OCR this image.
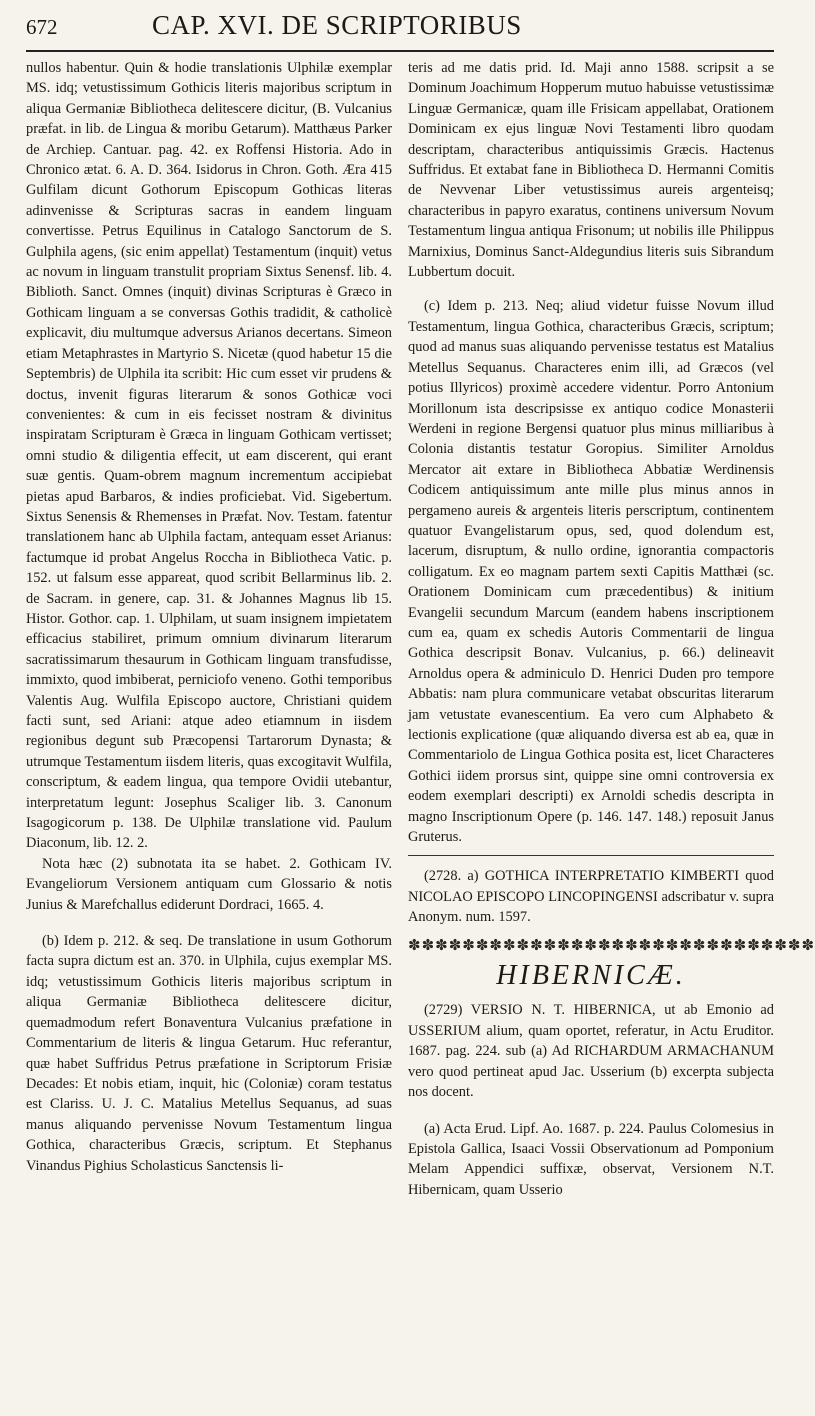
672	CAP. XVI. DE SCRIPTORIBUS

nullos habentur. Quin & hodie translationis Ulphilæ exemplar MS. idq; vetustissimum Gothicis literis majoribus scriptum in aliqua Germaniæ Bibliotheca delitescere dicitur, (B. Vulcanius præfat. in lib. de Lingua & moribu Getarum). Matthæus Parker de Archiep. Cantuar. pag. 42. ex Roffensi Historia. Ado in Chronico ætat. 6. A. D. 364. Isidorus in Chron. Goth. Æra 415 Gulfilam dicunt Gothorum Episcopum Gothicas literas adinvenisse & Scripturas sacras in eandem linguam convertisse. Petrus Equilinus in Catalogo Sanctorum de S. Gulphila agens, (sic enim appellat) Testamentum (inquit) vetus ac novum in linguam transtulit propriam Sixtus Senensf. lib. 4. Biblioth. Sanct. Omnes (inquit) divinas Scripturas è Græco in Gothicam linguam a se conversas Gothis tradidit, & catholicè explicavit, diu multumque adversus Arianos decertans. Simeon etiam Metaphrastes in Martyrio S. Nicetæ (quod habetur 15 die Septembris) de Ulphila ita scribit: Hic cum esset vir prudens & doctus, invenit figuras literarum & sonos Gothicæ voci convenientes: & cum in eis fecisset nostram & divinitus inspiratam Scripturam è Græca in linguam Gothicam vertisset; omni studio & diligentia effecit, ut eam discerent, qui erant suæ gentis. Quam-obrem magnum incrementum accipiebat pietas apud Barbaros, & indies proficiebat. Vid. Sigebertum. Sixtus Senensis & Rhemenses in Præfat. Nov. Testam. fatentur translationem hanc ab Ulphila factam, antequam esset Arianus: factumque id probat Angelus Roccha in Bibliotheca Vatic. p. 152. ut falsum esse appareat, quod scribit Bellarminus lib. 2. de Sacram. in genere, cap. 31. & Johannes Magnus lib 15. Histor. Gothor. cap. 1. Ulphilam, ut suam insignem impietatem efficacius stabiliret, primum omnium divinarum literarum sacratissimarum thesaurum in Gothicam linguam transfudisse, immixto, quod imbiberat, perniciofo veneno. Gothi temporibus Valentis Aug. Wulfila Episcopo auctore, Christiani quidem facti sunt, sed Ariani: atque adeo etiamnum in iisdem regionibus degunt sub Præcopensi Tartarorum Dynasta; & utrumque Testamentum iisdem literis, quas excogitavit Wulfila, conscriptum, & eadem lingua, qua tempore Ovidii utebantur, interpretatum legunt: Josephus Scaliger lib. 3. Canonum Isagogicorum p. 138. De Ulphilæ translatione vid. Paulum Diaconum, lib. 12. 2.

Nota hæc (2) subnotata ita se habet. 2. Gothicam IV. Evangeliorum Versionem antiquam cum Glossario & notis Junius & Marefchallus ediderunt Dordraci, 1665. 4.

(b) Idem p. 212. & seq. De translatione in usum Gothorum facta supra dictum est an. 370. in Ulphila, cujus exemplar MS. idq; vetustissimum Gothicis literis majoribus scriptum in aliqua Germaniæ Bibliotheca delitescere dicitur, quemadmodum refert Bonaventura Vulcanius præfatione in Commentarium de literis & lingua Getarum. Huc referantur, quæ habet Suffridus Petrus præfatione in Scriptorum Frisiæ Decades: Et nobis etiam, inquit, hic (Coloniæ) coram testatus est Clariss. U. J. C. Matalius Metellus Sequanus, ad suas manus aliquando pervenisse Novum Testamentum lingua Gothica, characteribus Græcis, scriptum. Et Stephanus Vinandus Pighius Scholasticus Sanctensis li-

teris ad me datis prid. Id. Maji anno 1588. scripsit a se Dominum Joachimum Hopperum mutuo habuisse vetustissimæ Linguæ Germanicæ, quam ille Frisicam appellabat, Orationem Dominicam ex ejus linguæ Novi Testamenti libro quodam descriptam, characteribus antiquissimis Græcis. Hactenus Suffridus. Et extabat fane in Bibliotheca D. Hermanni Comitis de Nevvenar Liber vetustissimus aureis argenteisq; characteribus in papyro exaratus, continens universum Novum Testamentum lingua antiqua Frisonum; ut nobilis ille Philippus Marnixius, Dominus Sanct-Aldegundius literis suis Sibrandum Lubbertum docuit.

(c) Idem p. 213. Neq; aliud videtur fuisse Novum illud Testamentum, lingua Gothica, characteribus Græcis, scriptum; quod ad manus suas aliquando pervenisse testatus est Matalius Metellus Sequanus. Characteres enim illi, ad Græcos (vel potius Illyricos) proximè accedere videntur. Porro Antonium Morillonum ista descripsisse ex antiquo codice Monasterii Werdeni in regione Bergensi quatuor plus minus milliaribus à Colonia distantis testatur Goropius. Similiter Arnoldus Mercator ait extare in Bibliotheca Abbatiæ Werdinensis Codicem antiquissimum ante mille plus minus annos in pergameno aureis & argenteis literis perscriptum, continentem quatuor Evangelistarum opus, sed, quod dolendum est, lacerum, disruptum, & nullo ordine, ignorantia compactoris colligatum. Ex eo magnam partem sexti Capitis Matthæi (sc. Orationem Dominicam cum præcedentibus) & initium Evangelii secundum Marcum (eandem habens inscriptionem cum ea, quam ex schedis Autoris Commentarii de lingua Gothica descripsit Bonav. Vulcanius, p. 66.) delineavit Arnoldus opera & adminiculo D. Henrici Duden pro tempore Abbatis: nam plura communicare vetabat obscuritas literarum jam vetustate evanescentium. Ea vero cum Alphabeto & lectionis explicatione (quæ aliquando diversa est ab ea, quæ in Commentariolo de Lingua Gothica posita est, licet Characteres Gothici iidem prorsus sint, quippe sine omni controversia ex eodem exemplari descripti) ex Arnoldi schedis descripta in magno Inscriptionum Opere (p. 146. 147. 148.) reposuit Janus Gruterus.

(2728. a) GOTHICA INTERPRETATIO KIMBERTI quod NICOLAO EPISCOPO LINCOPINGENSI adscribatur v. supra Anonym. num. 1597.

✽✽✽✽✽✽✽✽✽✽✽✽✽✽✽✽✽✽✽✽✽✽✽✽✽✽✽✽✽✽
HIBERNICÆ.

(2729) VERSIO N. T. HIBERNICA, ut ab Emonio ad USSERIUM alium, quam oportet, referatur, in Actu Eruditor. 1687. pag. 224. sub (a) Ad RICHARDUM ARMACHANUM vero quod pertineat apud Jac. Usserium (b) excerpta subjecta nos docent.

(a) Acta Erud. Lipf. Ao. 1687. p. 224. Paulus Colomesius in Epistola Gallica, Isaaci Vossii Observationum ad Pomponium Melam Appendici suffixæ, observat, Versionem N.T. Hibernicam, quam Usserio
